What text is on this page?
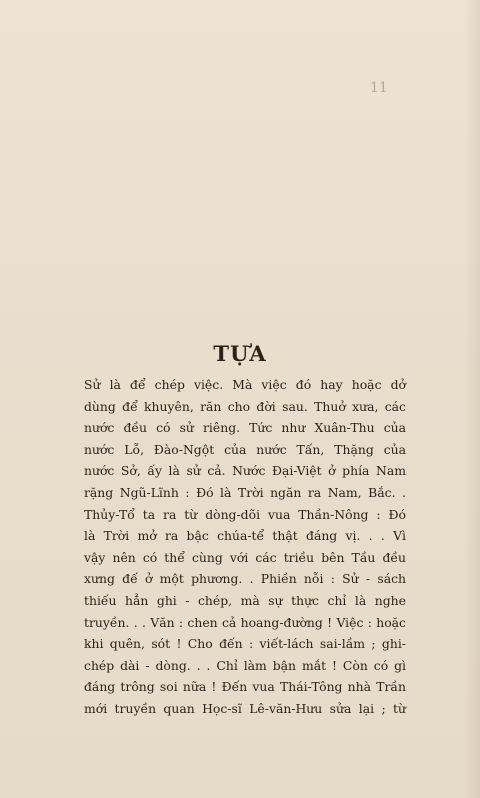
11
TỰA
Sử là để chép việc. Mà việc đó hay hoặc dở
dùng để khuyên, răn cho đời sau. Thuở xưa, các
nước đều có sử riêng. Tức như Xuân-Thu của
nước Lỗ, Đào-Ngột của nước Tấn, Thặng của
nước Sở, ấy là sử cả. Nước Đại-Việt ở phía Nam
rặng Ngũ-Lĩnh : Đó là Trời ngăn ra Nam, Bắc. .
Thủy-Tổ ta ra từ dòng-dõi vua Thần-Nông : Đó
là Trời mở ra bậc chúa-tể thật đáng vị. . . Vì
vậy nên có thể cùng với các triều bên Tầu đều
xưng đế ở một phương. . Phiền nỗi : Sử - sách
thiếu hẳn ghi - chép, mà sự thực chỉ là nghe
truyền. . . Văn : chen cả hoang-đường ! Việc : hoặc
khi quên, sót ! Cho đến : viết-lách sai-lầm ; ghi-
chép dài - dòng. . . Chỉ làm bận mắt ! Còn có gì
đáng trông soi nữa ! Đến vua Thái-Tông nhà Trần
mới truyền quan Học-sĩ Lê-văn-Hưu sửa lại ; từ
